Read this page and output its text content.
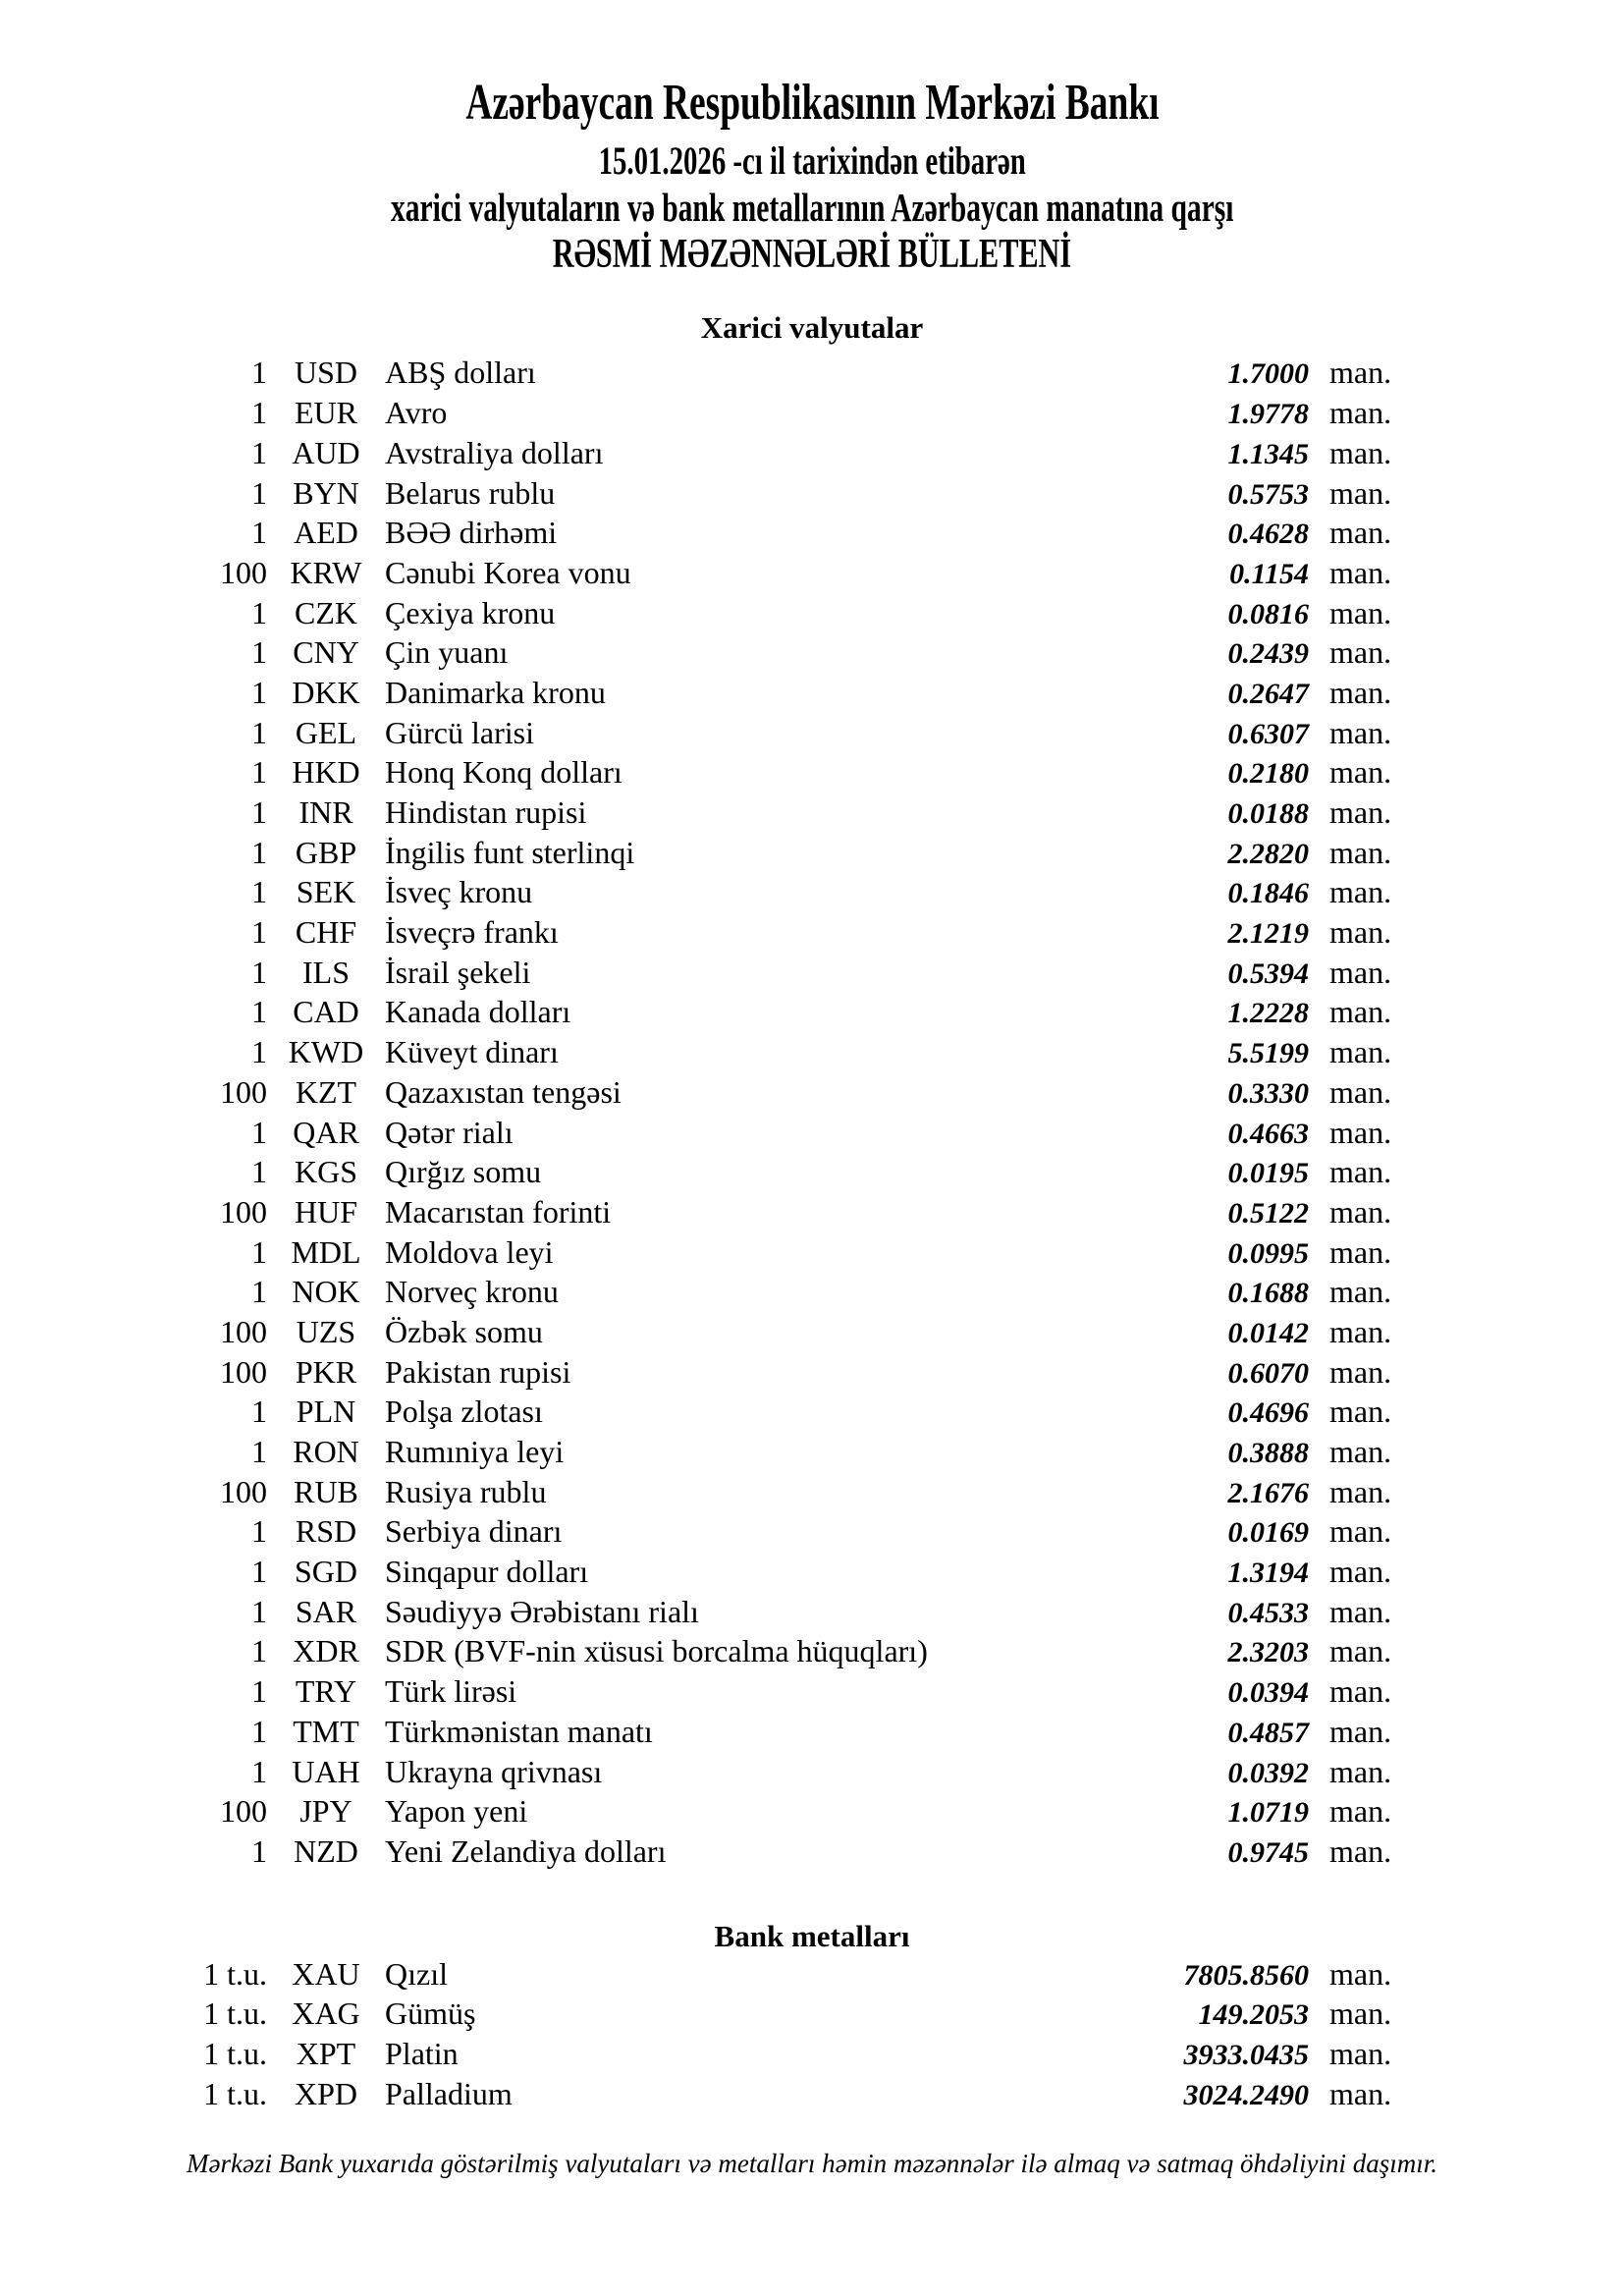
Azərbaycan Respublikasının Mərkəzi Bankı
15.01.2026 -cı il tarixindən etibarən
xarici valyutaların və bank metallarının Azərbaycan manatına qarşı
RƏSMİ MƏZƏNNƏLƏRİ BÜLLETENİ
Xarici valyutalar
1 USD ABŞ dolları	1.7000 man.
1 EUR Avro	1.9778 man.
1 AUD Avstraliya dolları	1.1345 man.
1 BYN Belarus rublu	0.5753 man.
1 AED BƏƏ dirhəmi	0.4628 man.
100 KRW Cənubi Korea vonu	0.1154 man.
1 CZK Çexiya kronu	0.0816 man.
1 CNY Çin yuanı	0.2439 man.
1 DKK Danimarka kronu	0.2647 man.
1 GEL Gürcü larisi	0.6307 man.
1 HKD Honq Konq dolları	0.2180 man.
1	INR	Hindistan rupisi	0.0188 man.
1 GBP İngilis funt sterlinqi	2.2820 man.
1 SEK İsveç kronu	0.1846 man.
1 CHF İsveçrə frankı	2.1219 man.
1	ILS	İsrail şekeli	0.5394 man.
1 CAD Kanada dolları	1.2228 man.
1 KWD Küveyt dinarı	5.5199 man.
100 KZT Qazaxıstan tengəsi	0.3330 man.
1 QAR Qətər rialı	0.4663 man.
1 KGS Qırğız somu	0.0195 man.
100 HUF Macarıstan forinti	0.5122 man.
1 MDL Moldova leyi	0.0995 man.
1 NOK Norveç kronu	0.1688 man.
100 UZS Özbək somu	0.0142 man.
100 PKR Pakistan rupisi	0.6070 man.
1 PLN Polşa zlotası	0.4696 man.
1 RON Rumıniya leyi	0.3888 man.
100 RUB Rusiya rublu	2.1676 man.
1 RSD Serbiya dinarı	0.0169 man.
1 SGD Sinqapur dolları	1.3194 man.
1 SAR Səudiyyə Ərəbistanı rialı	0.4533 man.
1 XDR SDR (BVF-nin xüsusi borcalma hüquqları)	2.3203 man.
1 TRY Türk lirəsi	0.0394 man.
1 TMT Türkmənistan manatı	0.4857 man.
1 UAH Ukrayna qrivnası	0.0392 man.
100	JPY	Yapon yeni	1.0719 man.
1 NZD Yeni Zelandiya dolları	0.9745 man.
Bank metalları
1 t.u. XAU Qızıl	7805.8560 man.
1 t.u. XAG Gümüş	149.2053 man.
1 t.u. XPT Platin	3933.0435 man.
1 t.u. XPD Palladium	3024.2490 man.
Mərkəzi Bank yuxarıda göstərilmiş valyutaları və metalları həmin məzənnələr ilə almaq və satmaq öhdəliyini daşımır.
